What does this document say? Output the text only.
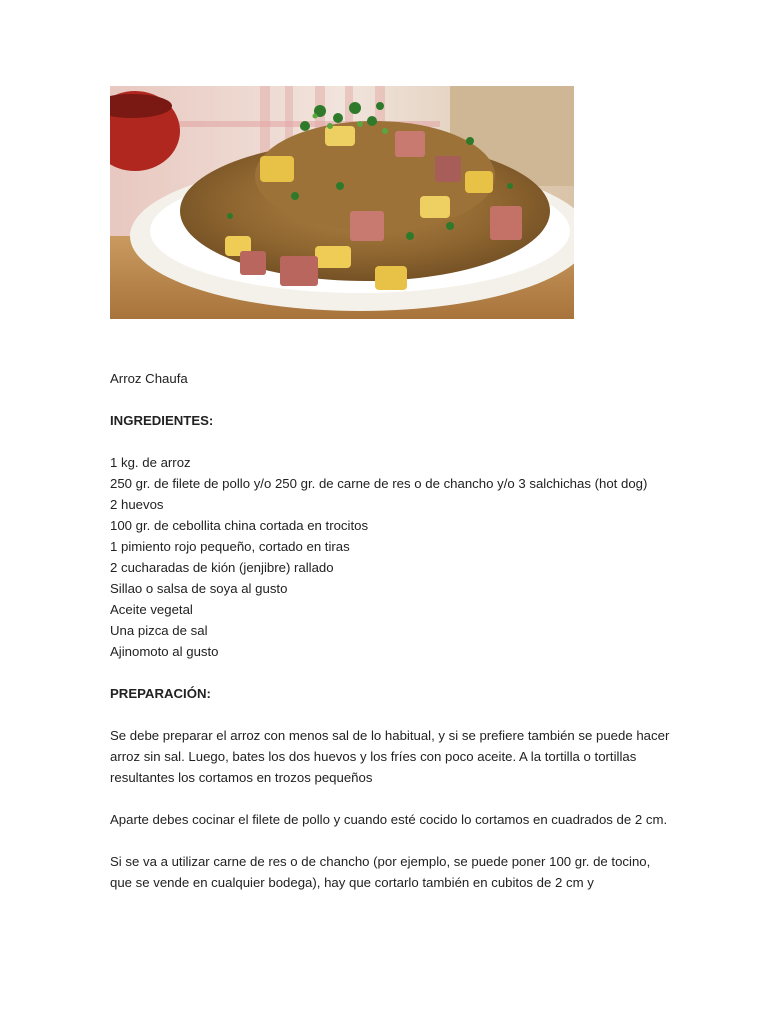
Arroz Chaufa

INGREDIENTES:

1 kg. de arroz
250 gr. de filete de pollo y/o 250 gr. de carne de res o de chancho y/o 3 salchichas (hot dog)
2 huevos
100 gr. de cebollita china cortada en trocitos
1 pimiento rojo pequeño, cortado en tiras
2 cucharadas de kión (jenjibre) rallado
Sillao o salsa de soya al gusto
Aceite vegetal
Una pizca de sal
Ajinomoto al gusto

PREPARACIÓN:

Se debe preparar el arroz con menos sal de lo habitual, y si se prefiere también se puede hacer arroz sin sal. Luego, bates los dos huevos y los fríes con poco aceite. A la tortilla o tortillas resultantes los cortamos en trozos pequeños

Aparte debes cocinar el filete de pollo y cuando esté cocido lo cortamos en cuadrados de 2 cm.

Si se va a utilizar carne de res o de chancho (por ejemplo, se puede poner 100 gr. de tocino, que se vende en cualquier bodega), hay que cortarlo también en cubitos de 2 cm y
